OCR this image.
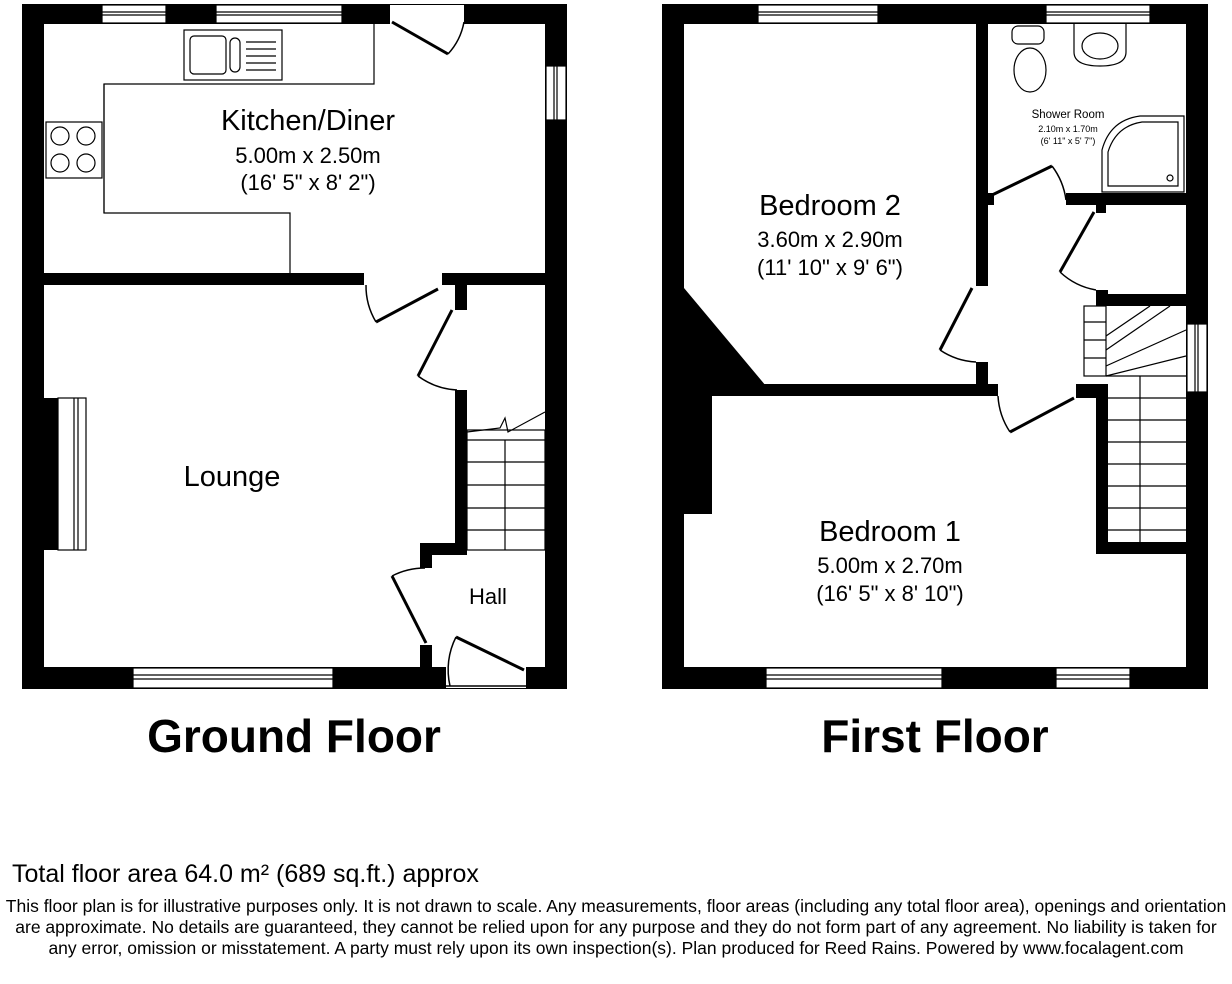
Kitchen/Diner
5.00m x 2.50m
(16' 5" x 8' 2")
Lounge
Hall
Bedroom 2
3.60m x 2.90m
(11' 10" x 9' 6")
Bedroom 1
5.00m x 2.70m
(16' 5" x 8' 10")
Shower Room
2.10m x 1.70m
(6' 11" x 5' 7")
Ground Floor	First Floor
Total floor area 64.0 m² (689 sq.ft.) approx
This floor plan is for illustrative purposes only. It is not drawn to scale. Any measurements, floor areas (including any total floor area), openings and orientation are approximate. No details are guaranteed, they cannot be relied upon for any purpose and they do not form part of any agreement. No liability is taken for any error, omission or misstatement. A party must rely upon its own inspection(s). Plan produced for Reed Rains. Powered by www.focalagent.com
